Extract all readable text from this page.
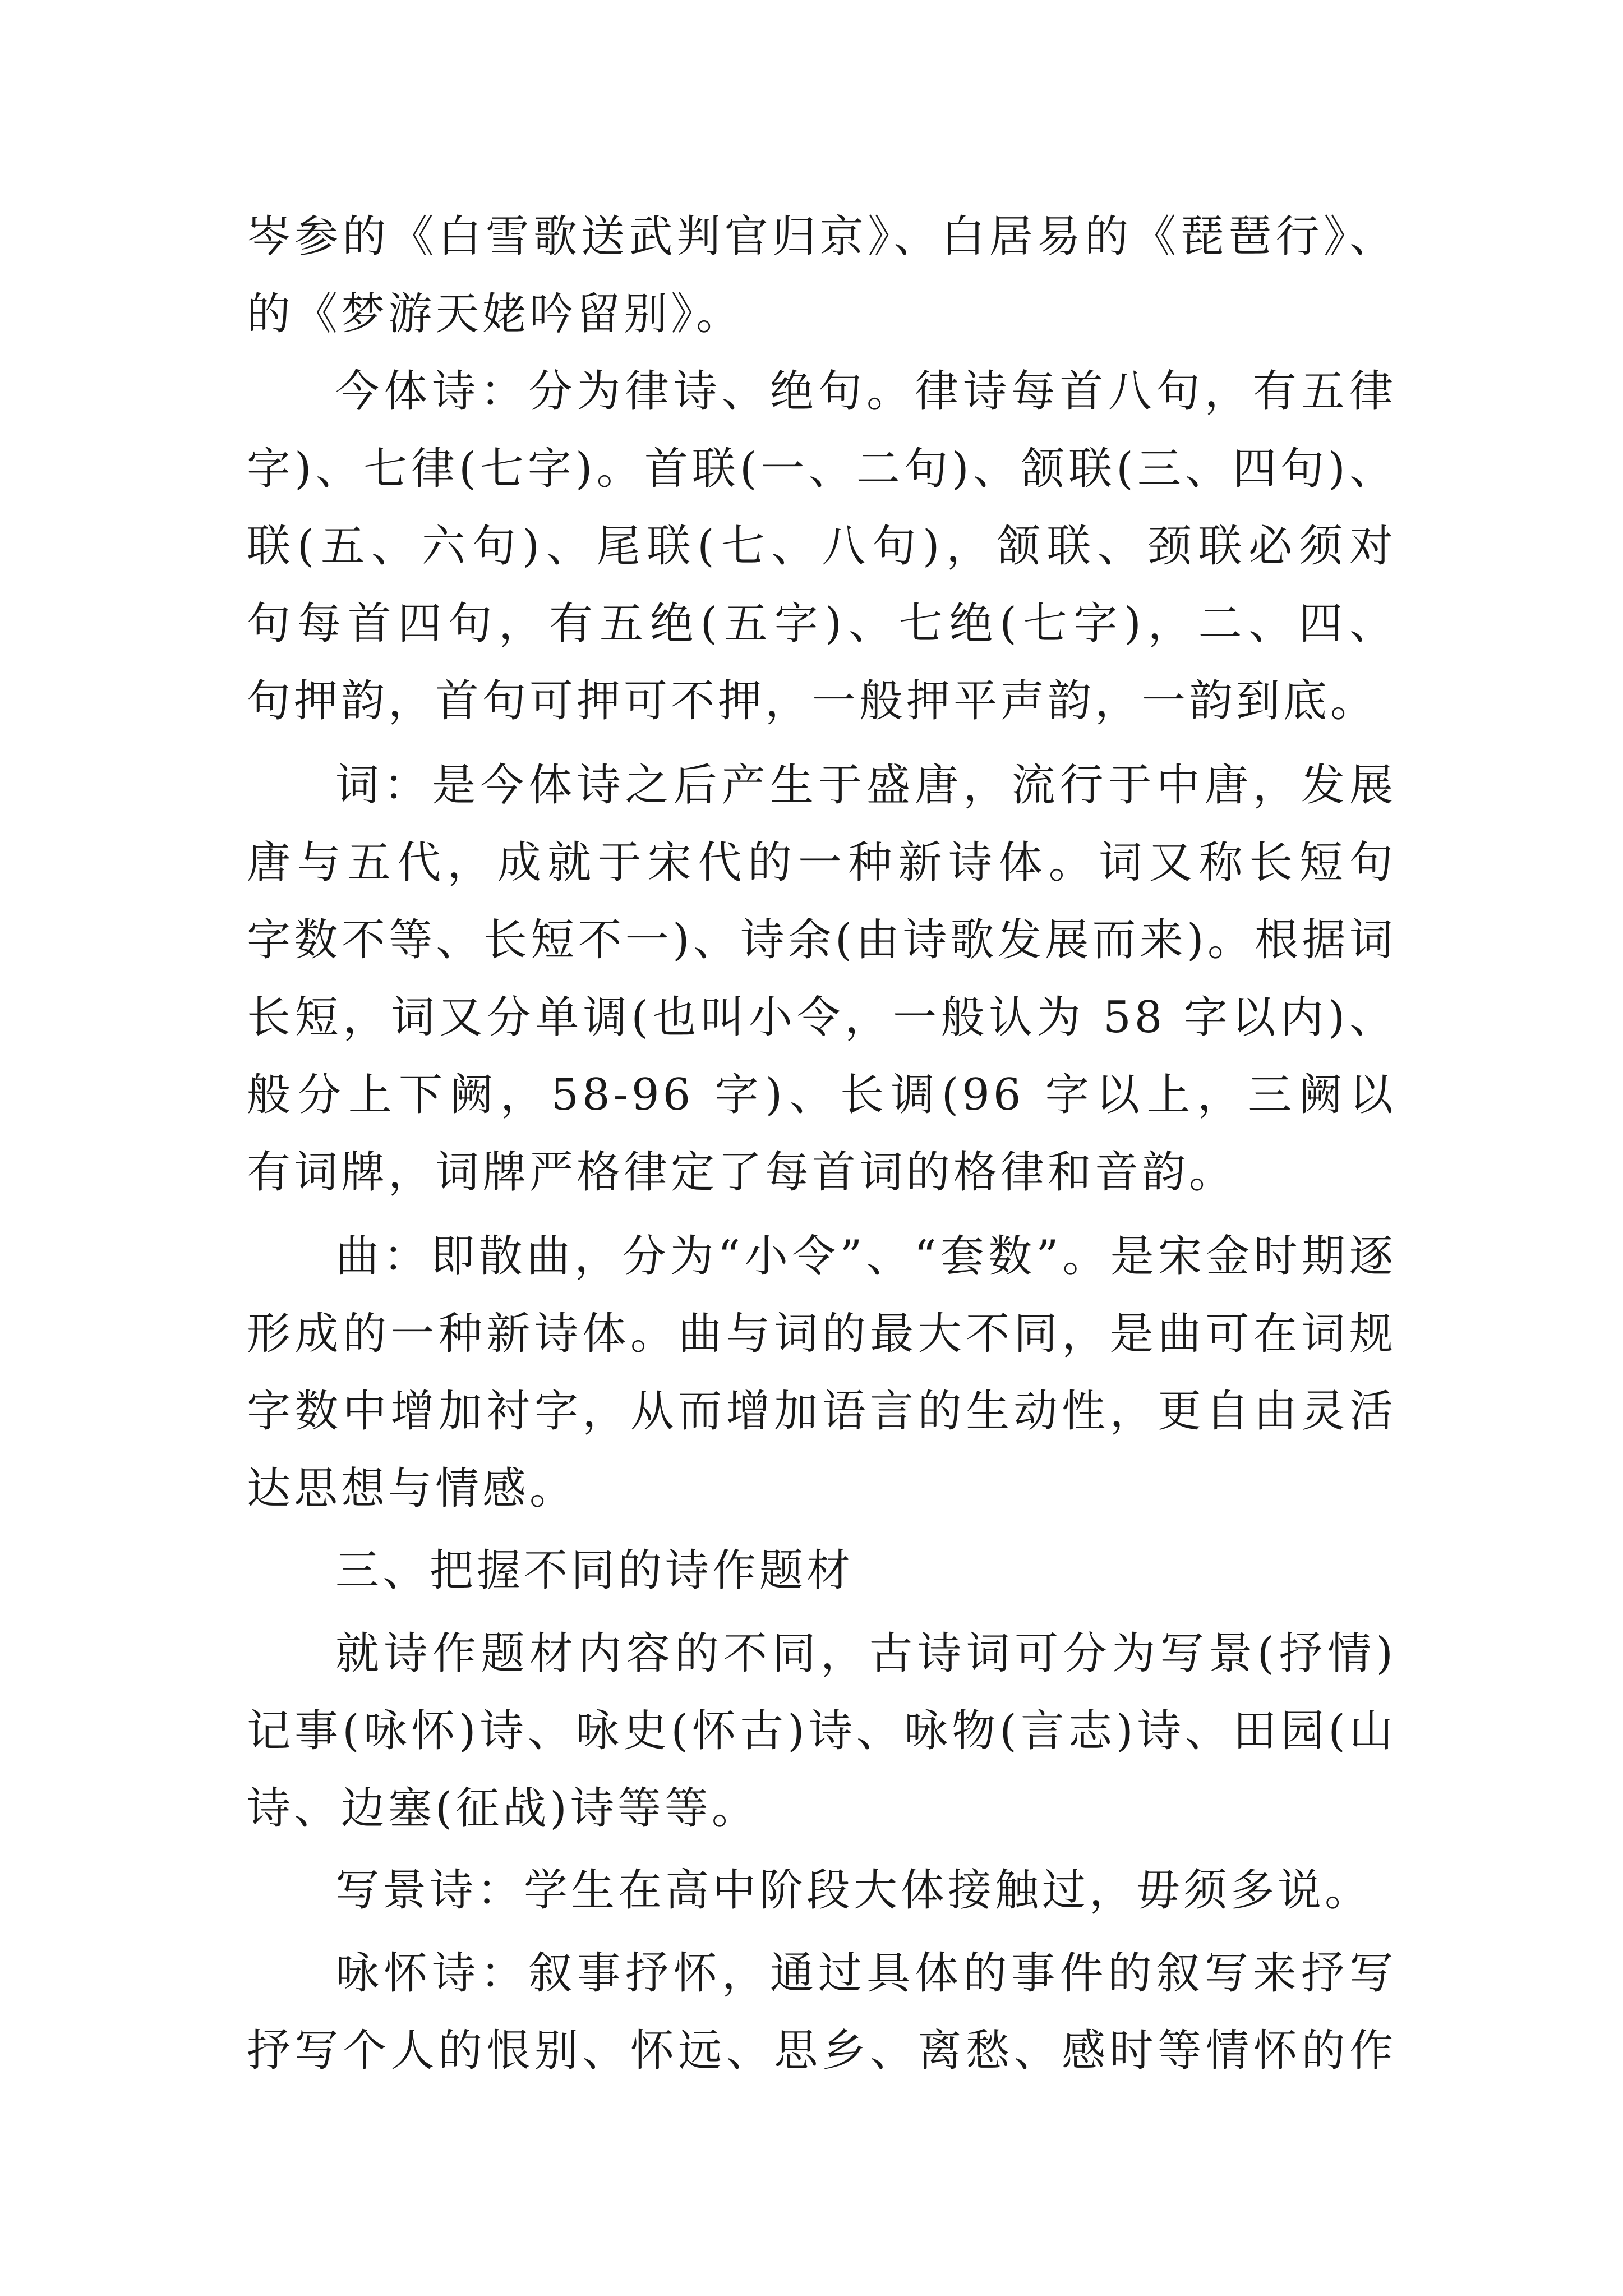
岑参的《白雪歌送武判官归京》、白居易的《琵琶行》、
的《梦游天姥吟留别》。
今体诗：分为律诗、绝句。律诗每首八句，有五律
字)、七律(七字)。首联(一、二句)、颔联(三、四句)、
联(五、六句)、尾联(七、八句)，颔联、颈联必须对
句每首四句，有五绝(五字)、七绝(七字)，二、四、
句押韵，首句可押可不押，一般押平声韵，一韵到底。
词：是今体诗之后产生于盛唐，流行于中唐，发展
唐与五代，成就于宋代的一种新诗体。词又称长短句
字数不等、长短不一)、诗余(由诗歌发展而来)。根据词
长短，词又分单调(也叫小令，一般认为 58 字以内)、
般分上下阙，58-96 字)、长调(96 字以上，三阙以
有词牌，词牌严格律定了每首词的格律和音韵。
曲：即散曲，分为“小令”、“套数”。是宋金时期逐
形成的一种新诗体。曲与词的最大不同，是曲可在词规
字数中增加衬字，从而增加语言的生动性，更自由灵活
达思想与情感。
三、把握不同的诗作题材
就诗作题材内容的不同，古诗词可分为写景(抒情)
记事(咏怀)诗、咏史(怀古)诗、咏物(言志)诗、田园(山
诗、边塞(征战)诗等等。
写景诗：学生在高中阶段大体接触过，毋须多说。
咏怀诗：叙事抒怀，通过具体的事件的叙写来抒写
抒写个人的恨别、怀远、思乡、离愁、感时等情怀的作
